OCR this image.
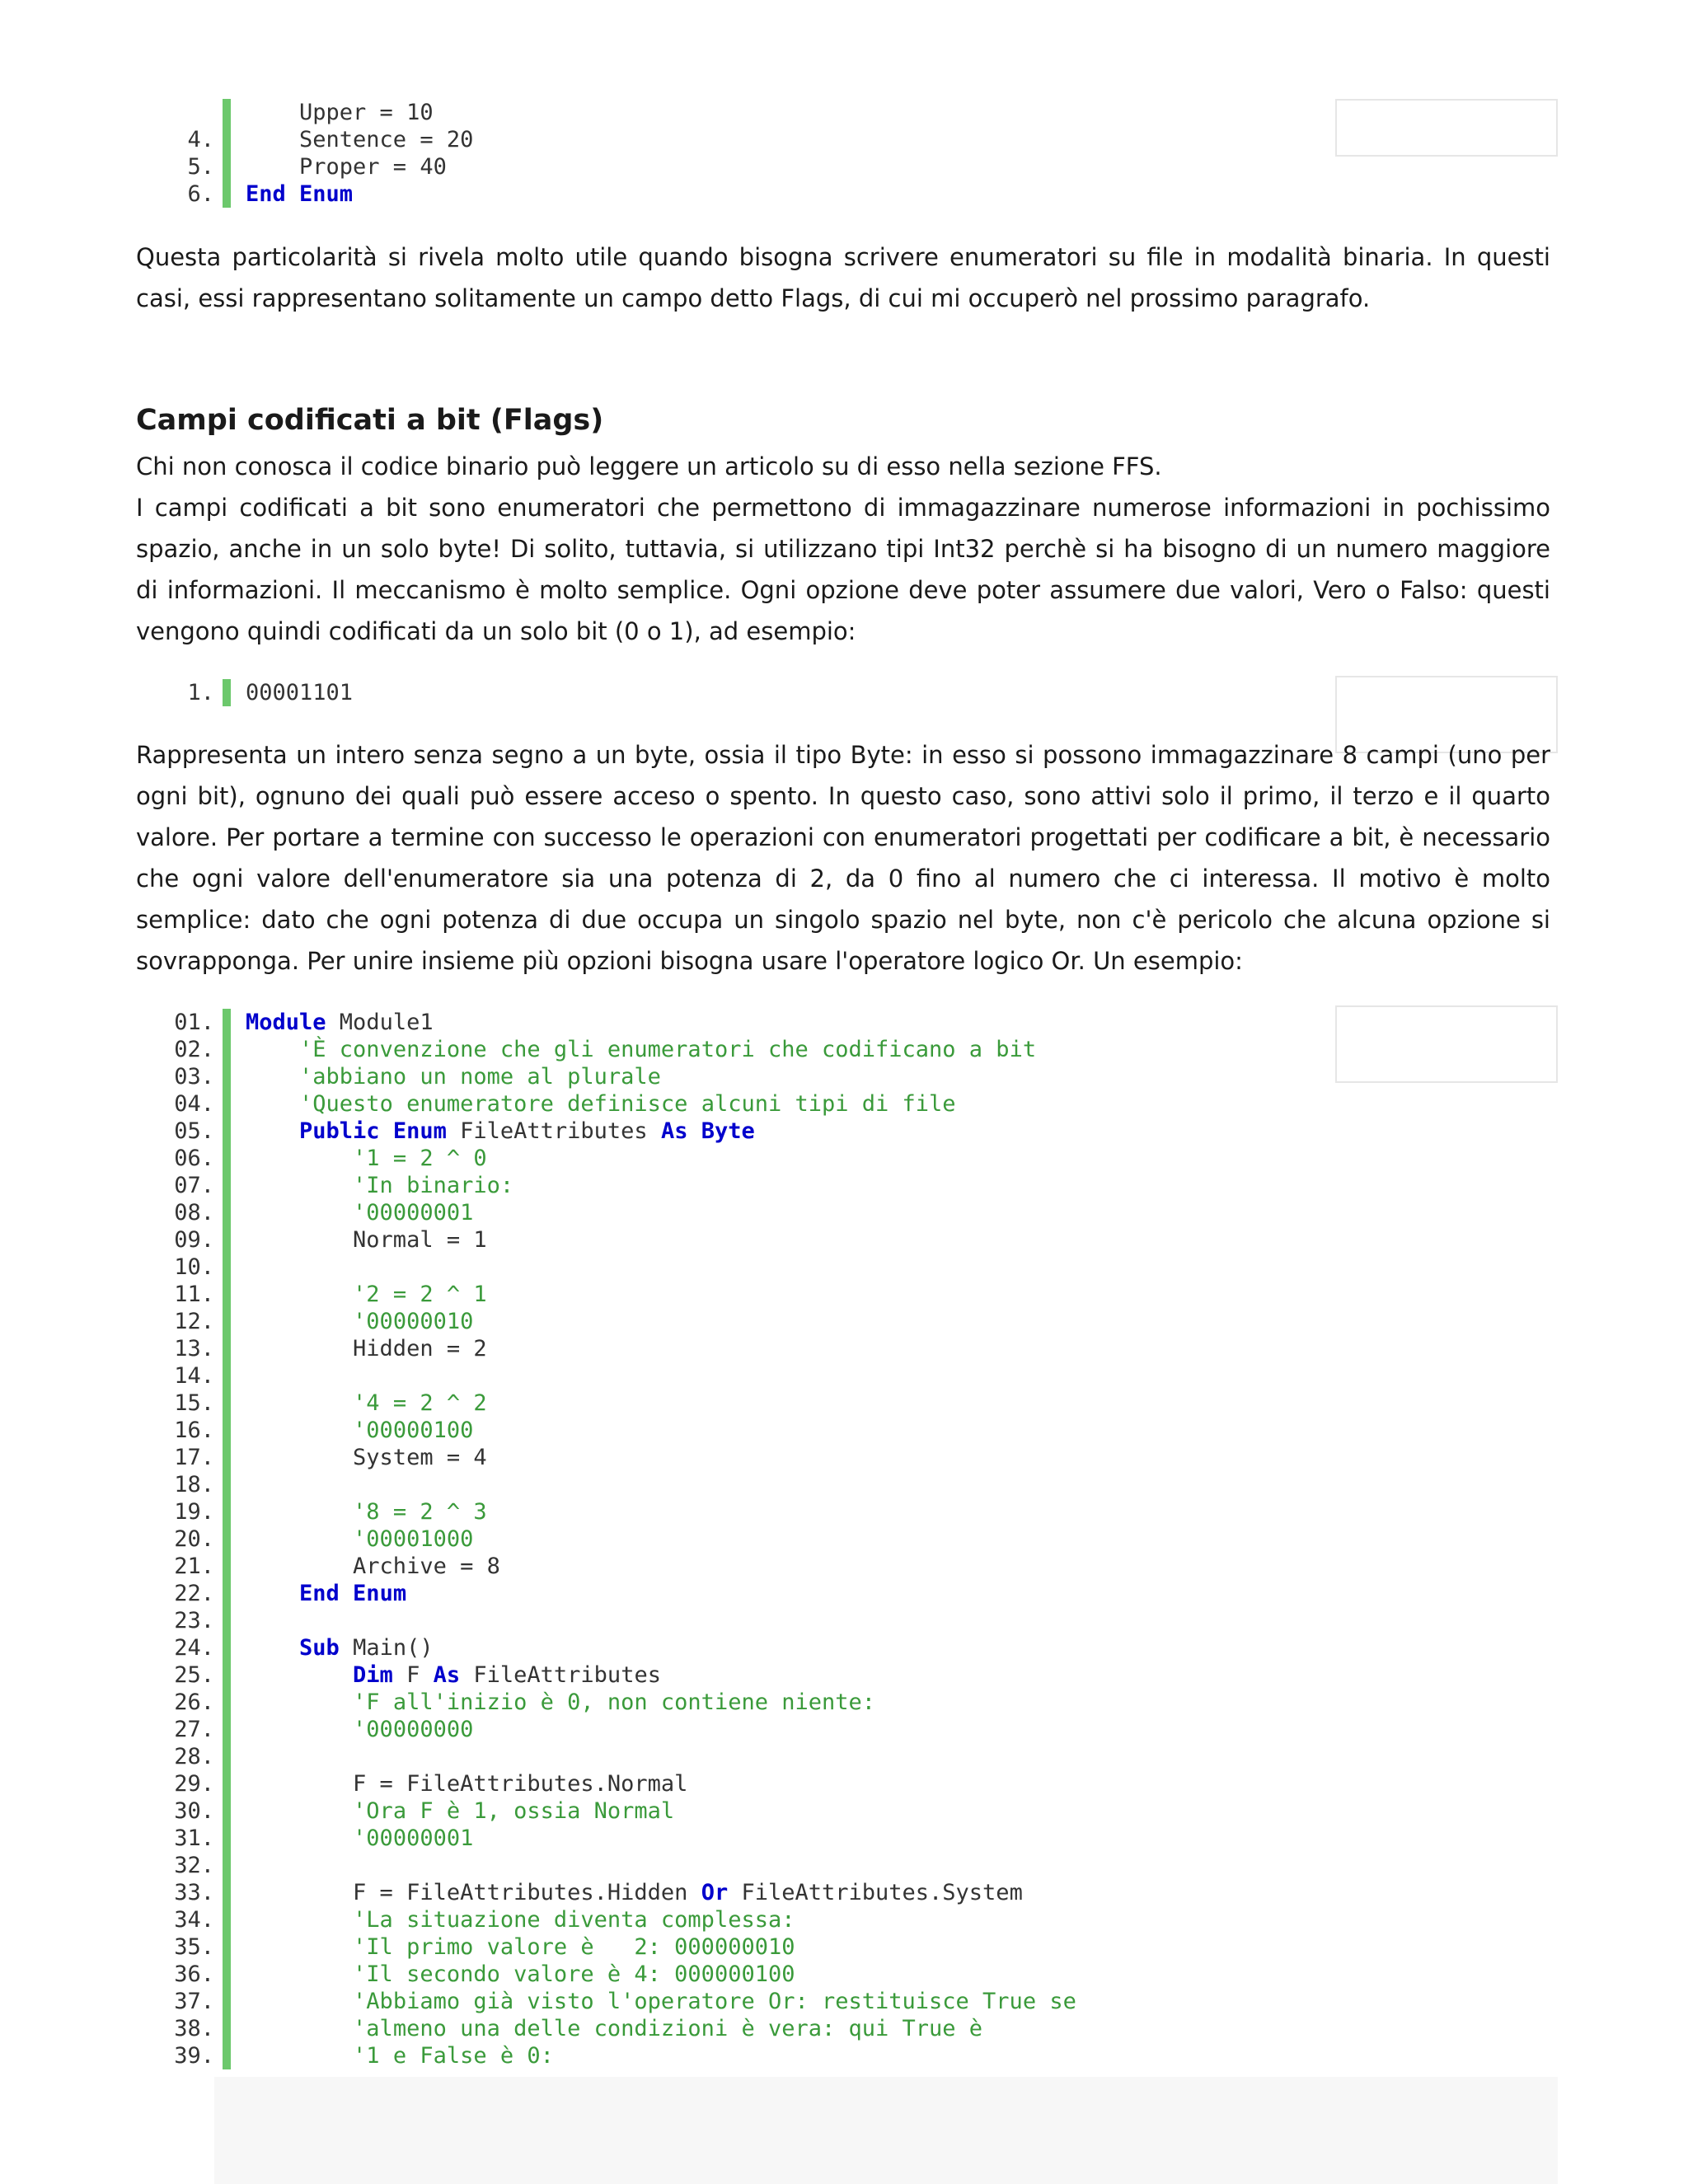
Upper = 10
4.	Sentence = 20
5.	Proper = 40
6.	End Enum

Questa particolarità si rivela molto utile quando bisogna scrivere enumeratori su file in modalità binaria. In questi casi, essi rappresentano solitamente un campo detto Flags, di cui mi occuperò nel prossimo paragrafo.

Campi codificati a bit (Flags)

Chi non conosca il codice binario può leggere un articolo su di esso nella sezione FFS.

I campi codificati a bit sono enumeratori che permettono di immagazzinare numerose informazioni in pochissimo spazio, anche in un solo byte! Di solito, tuttavia, si utilizzano tipi Int32 perchè si ha bisogno di un numero maggiore di informazioni. Il meccanismo è molto semplice. Ogni opzione deve poter assumere due valori, Vero o Falso: questi vengono quindi codificati da un solo bit (0 o 1), ad esempio:

1.	00001101

Rappresenta un intero senza segno a un byte, ossia il tipo Byte: in esso si possono immagazzinare 8 campi (uno per ogni bit), ognuno dei quali può essere acceso o spento. In questo caso, sono attivi solo il primo, il terzo e il quarto valore. Per portare a termine con successo le operazioni con enumeratori progettati per codificare a bit, è necessario che ogni valore dell'enumeratore sia una potenza di 2, da 0 fino al numero che ci interessa. Il motivo è molto semplice: dato che ogni potenza di due occupa un singolo spazio nel byte, non c'è pericolo che alcuna opzione si sovrapponga. Per unire insieme più opzioni bisogna usare l'operatore logico Or. Un esempio:

01.	Module Module1
02.	'È convenzione che gli enumeratori che codificano a bit
03.	'abbiano un nome al plurale
04.	'Questo enumeratore definisce alcuni tipi di file
05.	Public Enum FileAttributes As Byte
06.	'1 = 2 ^ 0
07.	'In binario:
08.	'00000001
09.	Normal = 1
10.
11.	'2 = 2 ^ 1
12.	'00000010
13.	Hidden = 2
14.
15.	'4 = 2 ^ 2
16.	'00000100
17.	System = 4
18.
19.	'8 = 2 ^ 3
20.	'00001000
21.	Archive = 8
22.	End Enum
23.
24.	Sub Main()
25.	Dim F As FileAttributes
26.	'F all'inizio è 0, non contiene niente:
27.	'00000000
28.
29.	F = FileAttributes.Normal
30.	'Ora F è 1, ossia Normal
31.	'00000001
32.
33.	F = FileAttributes.Hidden Or FileAttributes.System
34.	'La situazione diventa complessa:
35.	'Il primo valore è   2: 000000010
36.	'Il secondo valore è 4: 000000100
37.	'Abbiamo già visto l'operatore Or: restituisce True se
38.	'almeno una delle condizioni è vera: qui True è
39.	'1 e False è 0:
